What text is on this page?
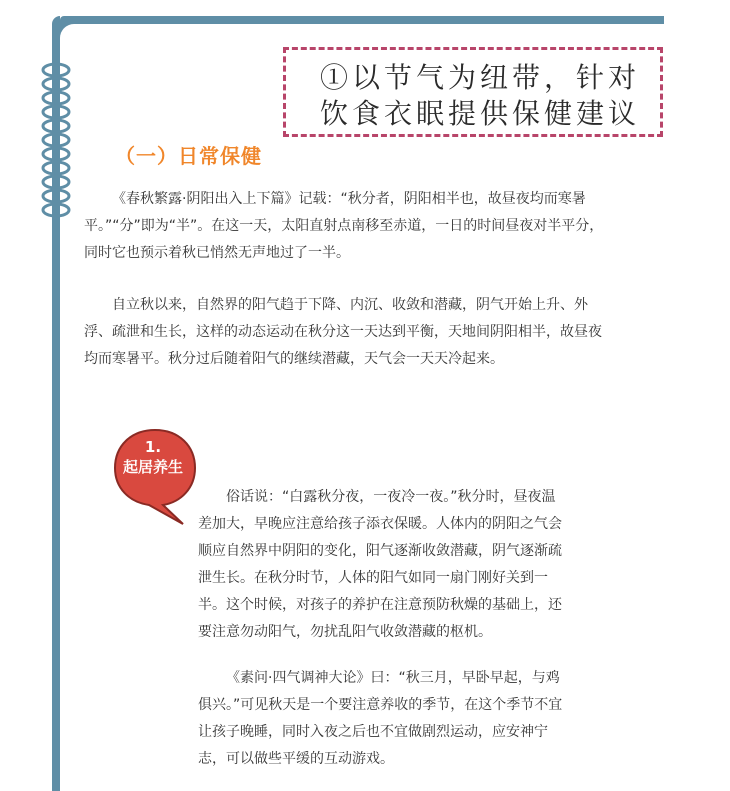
①以节气为纽带，针对
饮食衣眠提供保健建议
（一）日常保健

《春秋繁露·阴阳出入上下篇》记载：“秋分者，阴阳相半也，故昼夜均而寒暑平。”“分”即为“半”。在这一天，太阳直射点南移至赤道，一日的时间昼夜对半平分，同时它也预示着秋已悄然无声地过了一半。

自立秋以来，自然界的阳气趋于下降、内沉、收敛和潜藏，阴气开始上升、外浮、疏泄和生长，这样的动态运动在秋分这一天达到平衡，天地间阴阳相半，故昼夜均而寒暑平。秋分过后随着阳气的继续潜藏，天气会一天天冷起来。

1.
起居养生

俗话说：“白露秋分夜，一夜冷一夜。”秋分时，昼夜温差加大，早晚应注意给孩子添衣保暖。人体内的阴阳之气会顺应自然界中阴阳的变化，阳气逐渐收敛潜藏，阴气逐渐疏泄生长。在秋分时节，人体的阳气如同一扇门刚好关到一半。这个时候，对孩子的养护在注意预防秋燥的基础上，还要注意勿动阳气，勿扰乱阳气收敛潜藏的枢机。

《素问·四气调神大论》曰：“秋三月，早卧早起，与鸡俱兴。”可见秋天是一个要注意养收的季节，在这个季节不宜让孩子晚睡，同时入夜之后也不宜做剧烈运动，应安神宁志，可以做些平缓的互动游戏。
